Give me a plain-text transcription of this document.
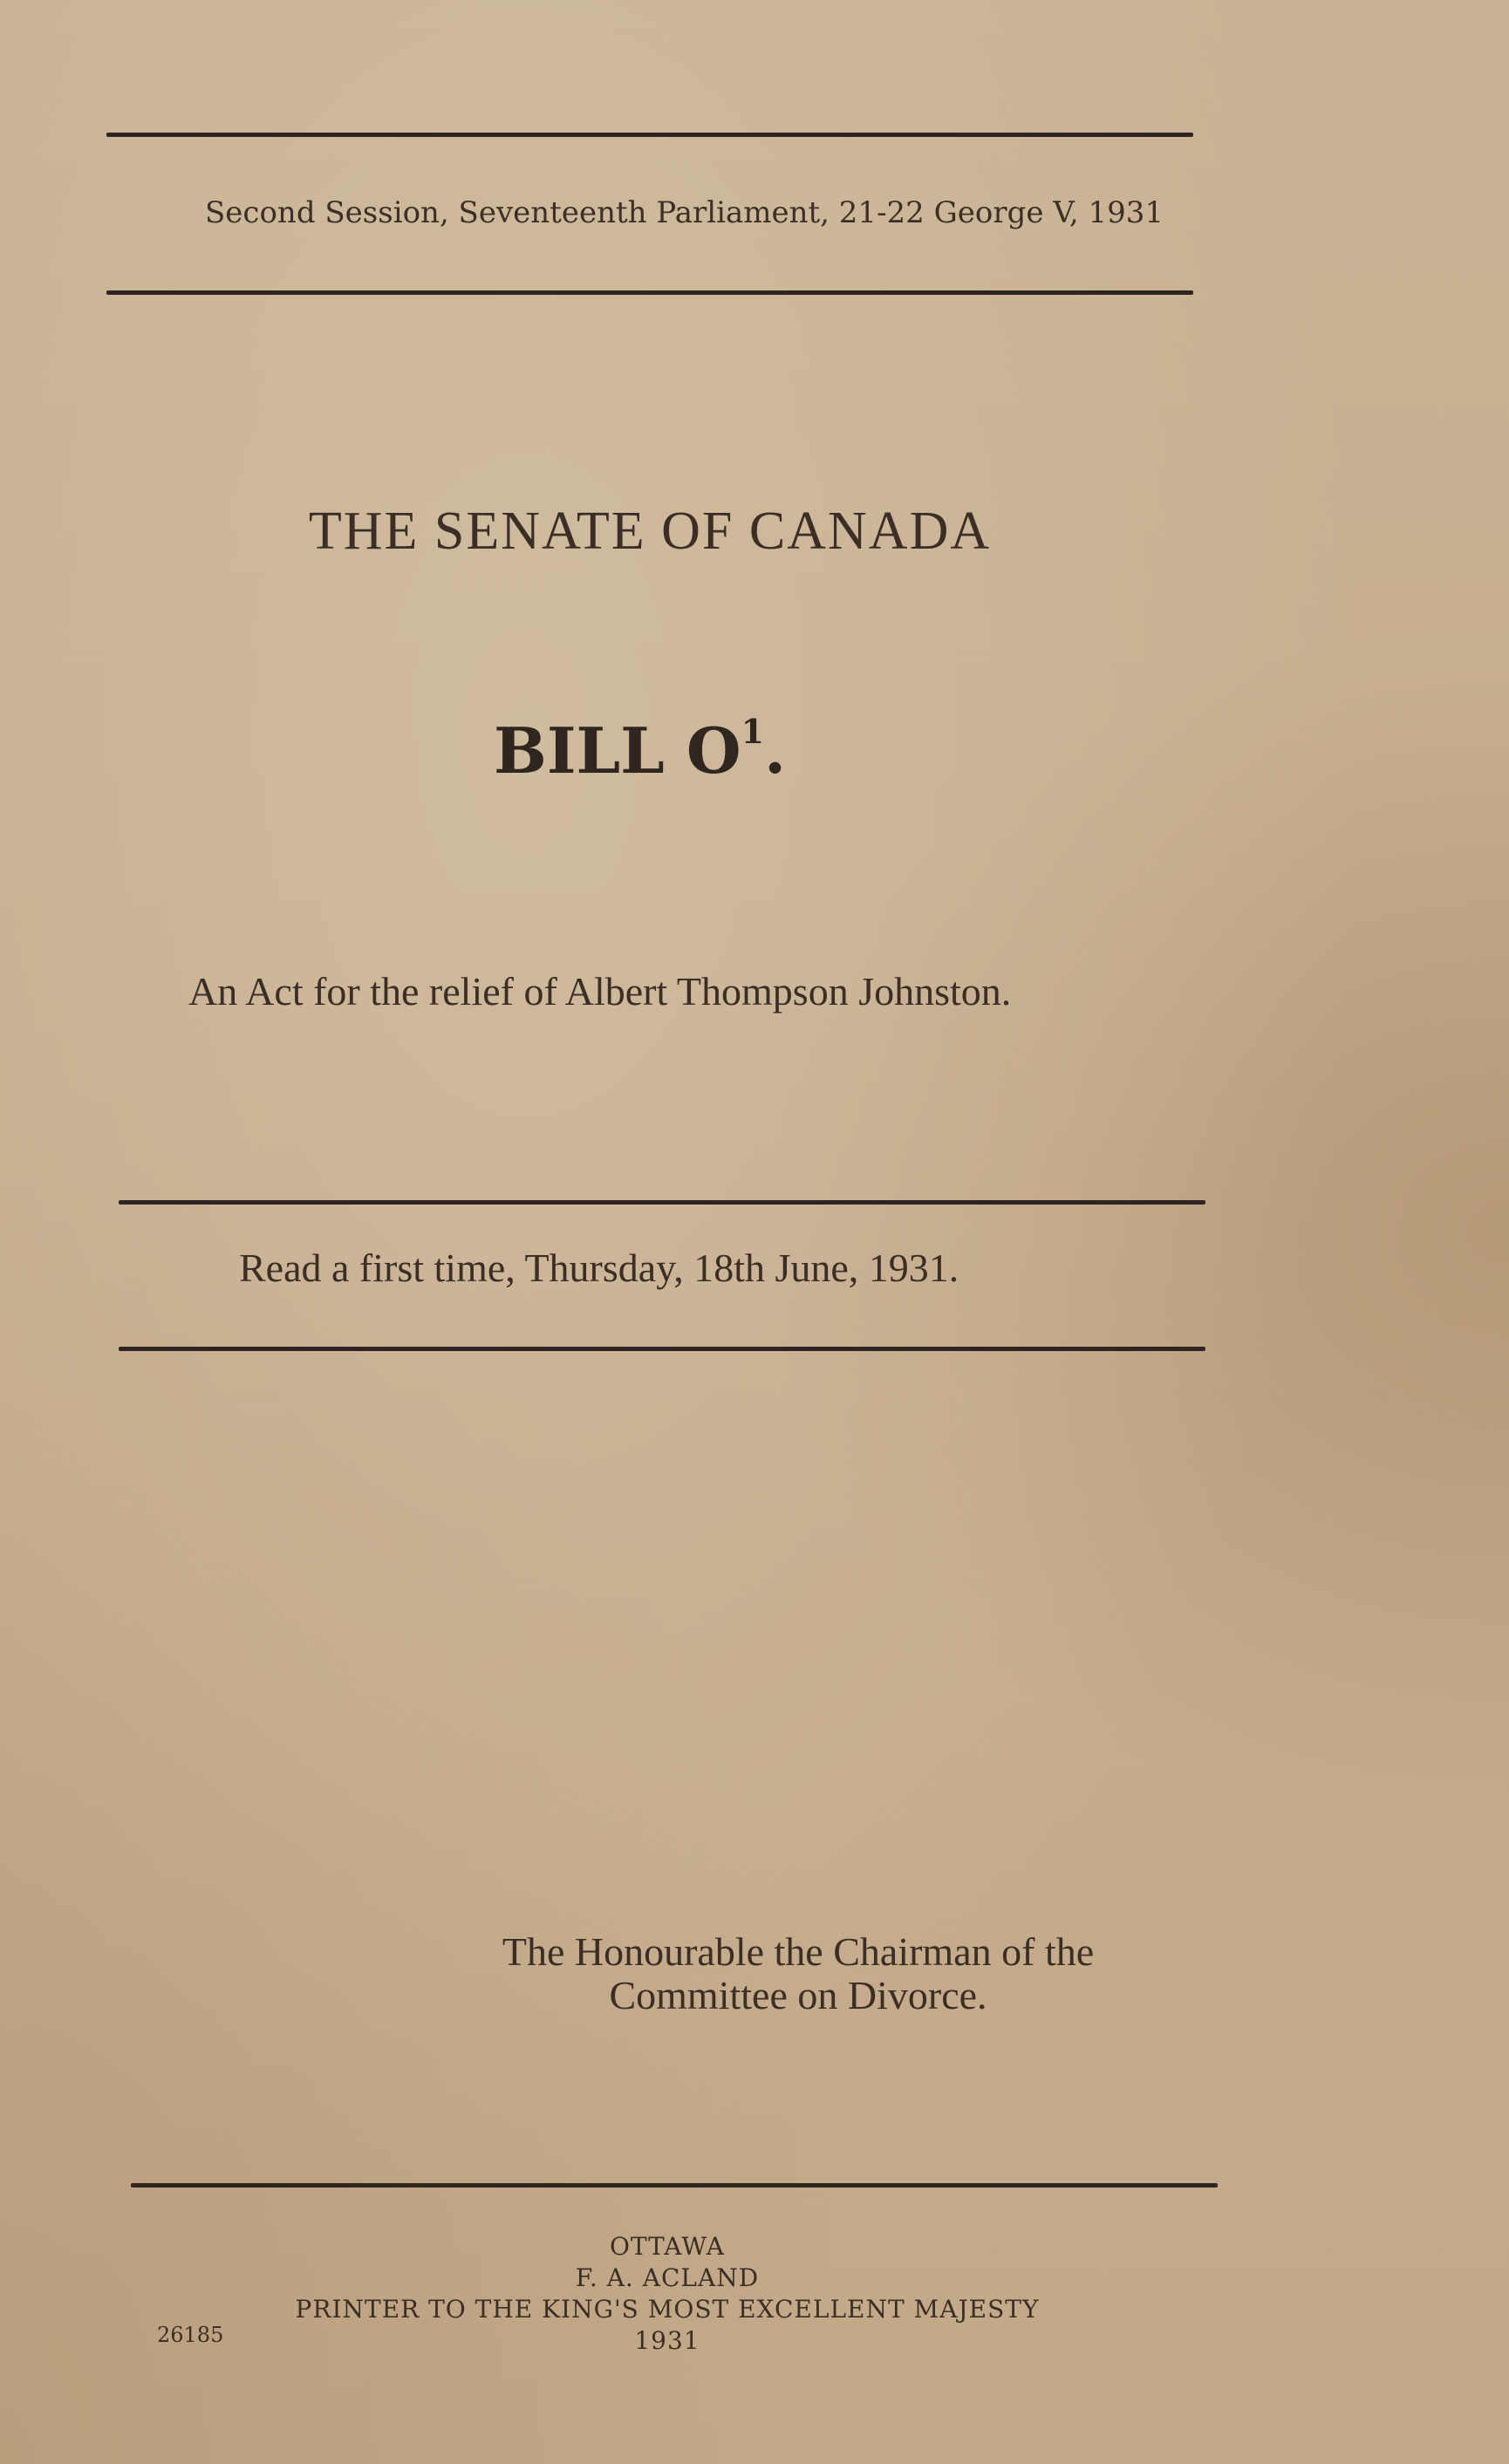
Second Session, Seventeenth Parliament, 21-22 George V, 1931

THE SENATE OF CANADA

BILL $O^1$.

An Act for the relief of Albert Thompson Johnston.

Read a first time, Thursday, 18th June, 1931.

The Honourable the Chairman of the
Committee on Divorce.
OTTAWA
F. A. ACLAND
PRINTER TO THE KING'S MOST EXCELLENT MAJESTY
1931

26185
